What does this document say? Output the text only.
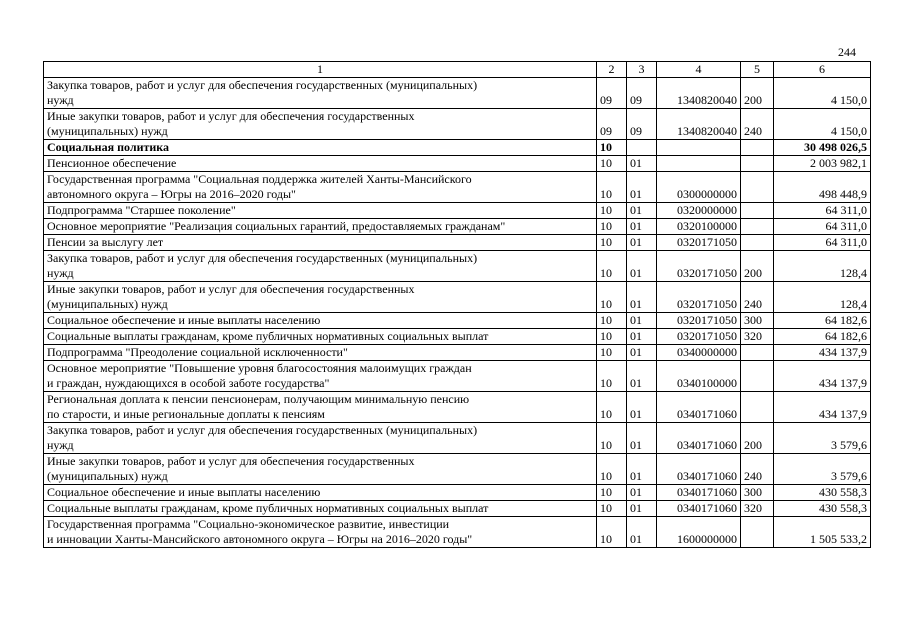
244
1	2	3	4	5	6

Закупка товаров, работ и услуг для обеспечения государственных (муниципальных)
нужд	09	09	1340820040	200	4 150,0

Иные закупки товаров, работ и услуг для обеспечения государственных
(муниципальных) нужд	09	09	1340820040	240	4 150,0

Социальная политика	10				30 498 026,5

Пенсионное обеспечение	10	01			2 003 982,1

Государственная программа "Социальная поддержка жителей Ханты-Мансийского
автономного округа – Югры на 2016–2020 годы"	10	01	0300000000		498 448,9

Подпрограмма "Старшее поколение"	10	01	0320000000		64 311,0

Основное мероприятие "Реализация социальных гарантий, предоставляемых гражданам"	10	01	0320100000		64 311,0

Пенсии за выслугу лет	10	01	0320171050		64 311,0

Закупка товаров, работ и услуг для обеспечения государственных (муниципальных)
нужд	10	01	0320171050	200	128,4

Иные закупки товаров, работ и услуг для обеспечения государственных
(муниципальных) нужд	10	01	0320171050	240	128,4

Социальное обеспечение и иные выплаты населению	10	01	0320171050	300	64 182,6

Социальные выплаты гражданам, кроме публичных нормативных социальных выплат	10	01	0320171050	320	64 182,6

Подпрограмма "Преодоление социальной исключенности"	10	01	0340000000		434 137,9

Основное мероприятие "Повышение уровня благосостояния малоимущих граждан
и граждан, нуждающихся в особой заботе государства"	10	01	0340100000		434 137,9

Региональная доплата к пенсии пенсионерам, получающим минимальную пенсию
по старости, и иные региональные доплаты к пенсиям	10	01	0340171060		434 137,9

Закупка товаров, работ и услуг для обеспечения государственных (муниципальных)
нужд	10	01	0340171060	200	3 579,6

Иные закупки товаров, работ и услуг для обеспечения государственных
(муниципальных) нужд	10	01	0340171060	240	3 579,6

Социальное обеспечение и иные выплаты населению	10	01	0340171060	300	430 558,3

Социальные выплаты гражданам, кроме публичных нормативных социальных выплат	10	01	0340171060	320	430 558,3

Государственная программа "Социально-экономическое развитие, инвестиции
и инновации Ханты-Мансийского автономного округа – Югры на 2016–2020 годы"	10	01	1600000000		1 505 533,2
